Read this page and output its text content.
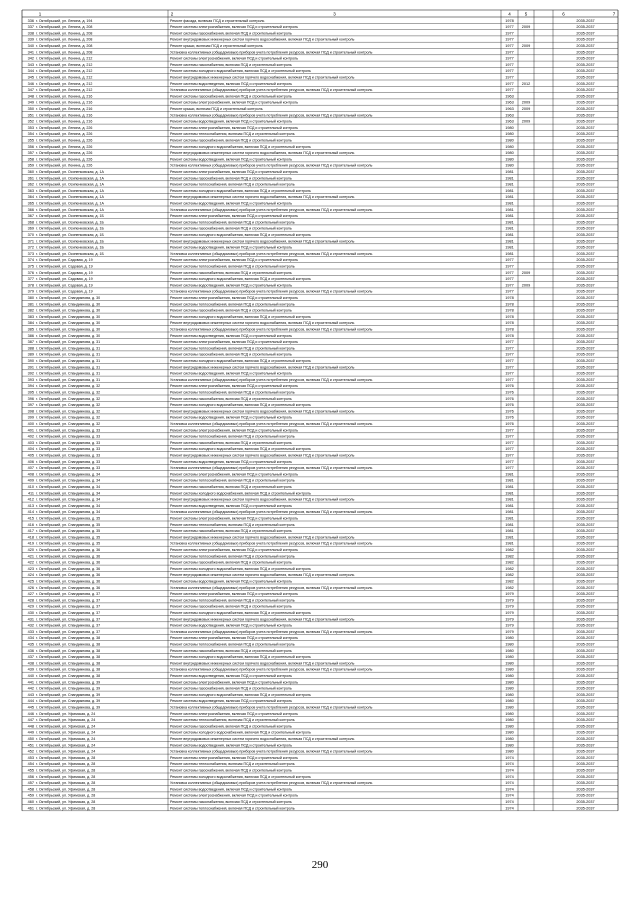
1	2	3	4	5	6	7
336 г. Октябрьский, ул. Ленина, д. 194	Ремонт фасада, включая ПСД и строительный контроль	1978	2035-2037
337 г. Октябрьский, ул. Ленина, д. 208	Ремонт системы электроснабжения, включая ПСД и строительный контроль	1977 2009	2035-2037
338 г. Октябрьский, ул. Ленина, д. 208	Ремонт системы газоснабжения, включая ПСД и строительный контроль	1977	2035-2037
339 г. Октябрьский, ул. Ленина, д. 208	Ремонт внутридомовых инженерных систем горячего водоснабжения, включая ПСД и строительный контроль	1977	2035-2037
340 г. Октябрьский, ул. Ленина, д. 208	Ремонт крыши, включая ПСД и строительный контроль	1977 2009	2035-2037
341 г. Октябрьский, ул. Ленина, д. 208	Установка коллективных (общедомовых) приборов учета потребления ресурсов, включая ПСД и строительный контроль	1977	2035-2037
342 г. Октябрьский, ул. Ленина, д. 212	Ремонт системы электроснабжения, включая ПСД и строительный контроль	1977	2035-2037
343 г. Октябрьский, ул. Ленина, д. 212	Ремонт системы газоснабжения, включая ПСД и строительный контроль	1977	2035-2037
344 г. Октябрьский, ул. Ленина, д. 212	Ремонт системы холодного водоснабжения, включая ПСД и строительный контроль	1977	2035-2037
345 г. Октябрьский, ул. Ленина, д. 212	Ремонт внутридомовых инженерных систем горячего водоснабжения, включая ПСД и строительный контроль	1977	2035-2037
346 г. Октябрьский, ул. Ленина, д. 212	Ремонт системы водоотведения, включая ПСД и строительный контроль	1977 2012	2035-2037
347 г. Октябрьский, ул. Ленина, д. 212	Установка коллективных (общедомовых) приборов учета потребления ресурсов, включая ПСД и строительный контроль	1977	2035-2037
348 г. Октябрьский, ул. Ленина, д. 216	Ремонт системы газоснабжения, включая ПСД и строительный контроль	1963	2035-2037
349 г. Октябрьский, ул. Ленина, д. 216	Ремонт системы электроснабжения, включая ПСД и строительный контроль	1963 2009	2035-2037
350 г. Октябрьский, ул. Ленина, д. 216	Ремонт крыши, включая ПСД и строительный контроль	1963 2009	2035-2037
351 г. Октябрьский, ул. Ленина, д. 216	Установка коллективных (общедомовых) приборов учета потребления ресурсов, включая ПСД и строительный контроль	1963	2035-2037
352 г. Октябрьский, ул. Ленина, д. 216	Ремонт системы водоотведения, включая ПСД и строительный контроль	1963 2009	2035-2037
353 г. Октябрьский, ул. Ленина, д. 226	Ремонт системы электроснабжения, включая ПСД и строительный контроль	1980	2035-2037
354 г. Октябрьский, ул. Ленина, д. 226	Ремонт системы теплоснабжения, включая ПСД и строительный контроль	1980	2035-2037
355 г. Октябрьский, ул. Ленина, д. 226	Ремонт системы газоснабжения, включая ПСД и строительный контроль	1980	2035-2037
356 г. Октябрьский, ул. Ленина, д. 226	Ремонт системы холодного водоснабжения, включая ПСД и строительный контроль	1980	2035-2037
357 г. Октябрьский, ул. Ленина, д. 226	Ремонт внутридомовых инженерных систем горячего водоснабжения, включая ПСД и строительный контроль	1980	2035-2037
358 г. Октябрьский, ул. Ленина, д. 226	Ремонт системы водоотведения, включая ПСД и строительный контроль	1980	2035-2037
359 г. Октябрьский, ул. Ленина, д. 226	Установка коллективных (общедомовых) приборов учета потребления ресурсов, включая ПСД и строительный контроль	1980	2035-2037
360 г. Октябрьский, ул. Осипенковская, д. 1А	Ремонт системы электроснабжения, включая ПСД и строительный контроль	1981	2035-2037
361 г. Октябрьский, ул. Осипенковская, д. 1А	Ремонт системы газоснабжения, включая ПСД и строительный контроль	1981	2035-2037
362 г. Октябрьский, ул. Осипенковская, д. 1А	Ремонт системы теплоснабжения, включая ПСД и строительный контроль	1981	2035-2037
363 г. Октябрьский, ул. Осипенковская, д. 1А	Ремонт системы холодного водоснабжения, включая ПСД и строительный контроль	1981	2035-2037
364 г. Октябрьский, ул. Осипенковская, д. 1А	Ремонт внутридомовых инженерных систем горячего водоснабжения, включая ПСД и строительный контроль	1981	2035-2037
365 г. Октябрьский, ул. Осипенковская, д. 1А	Ремонт системы водоотведения, включая ПСД и строительный контроль	1981	2035-2037
366 г. Октябрьский, ул. Осипенковская, д. 1А	Установка коллективных (общедомовых) приборов учета потребления ресурсов, включая ПСД и строительный контроль	1981	2035-2037
367 г. Октябрьский, ул. Осипенковская, д. 1Б	Ремонт системы электроснабжения, включая ПСД и строительный контроль	1981	2035-2037
368 г. Октябрьский, ул. Осипенковская, д. 1Б	Ремонт системы теплоснабжения, включая ПСД и строительный контроль	1981	2035-2037
369 г. Октябрьский, ул. Осипенковская, д. 1Б	Ремонт системы газоснабжения, включая ПСД и строительный контроль	1981	2035-2037
370 г. Октябрьский, ул. Осипенковская, д. 1Б	Ремонт системы холодного водоснабжения, включая ПСД и строительный контроль	1981	2035-2037
371 г. Октябрьский, ул. Осипенковская, д. 1Б	Ремонт внутридомовых инженерных систем горячего водоснабжения, включая ПСД и строительный контроль	1981	2035-2037
372 г. Октябрьский, ул. Осипенковская, д. 1Б	Ремонт системы водоотведения, включая ПСД и строительный контроль	1981	2035-2037
373 г. Октябрьский, ул. Осипенковская, д. 1Б	Установка коллективных (общедомовых) приборов учета потребления ресурсов, включая ПСД и строительный контроль	1981	2035-2037
374 г. Октябрьский, ул. Садовая, д. 19	Ремонт системы электроснабжения, включая ПСД и строительный контроль	1977	2035-2037
375 г. Октябрьский, ул. Садовая, д. 19	Ремонт системы теплоснабжения, включая ПСД и строительный контроль	1977	2035-2037
376 г. Октябрьский, ул. Садовая, д. 19	Ремонт системы газоснабжения, включая ПСД и строительный контроль	1977 2009	2035-2037
377 г. Октябрьский, ул. Садовая, д. 19	Ремонт системы холодного водоснабжения, включая ПСД и строительный контроль	1977	2035-2037
378 г. Октябрьский, ул. Садовая, д. 19	Ремонт системы водоотведения, включая ПСД и строительный контроль	1977 2009	2035-2037
379 г. Октябрьский, ул. Садовая, д. 19	Установка коллективных (общедомовых) приборов учета потребления ресурсов, включая ПСД и строительный контроль	1977	2035-2037
380 г. Октябрьский, ул. Спандикнова, д. 30	Ремонт системы электроснабжения, включая ПСД и строительный контроль	1978	2035-2037
381 г. Октябрьский, ул. Спандикнова, д. 30	Ремонт системы теплоснабжения, включая ПСД и строительный контроль	1978	2035-2037
382 г. Октябрьский, ул. Спандикнова, д. 30	Ремонт системы газоснабжения, включая ПСД и строительный контроль	1978	2035-2037
383 г. Октябрьский, ул. Спандикнова, д. 30	Ремонт системы холодного водоснабжения, включая ПСД и строительный контроль	1978	2035-2037
384 г. Октябрьский, ул. Спандикнова, д. 30	Ремонт внутридомовых инженерных систем горячего водоснабжения, включая ПСД и строительный контроль	1978	2035-2037
385 г. Октябрьский, ул. Спандикнова, д. 30	Установка коллективных (общедомовых) приборов учета потребления ресурсов, включая ПСД и строительный контроль	1978	2035-2037
386 г. Октябрьский, ул. Спандикнова, д. 30	Ремонт системы водоотведения, включая ПСД и строительный контроль	1978	2035-2037
387 г. Октябрьский, ул. Спандикнова, д. 31	Ремонт системы электроснабжения, включая ПСД и строительный контроль	1977	2035-2037
388 г. Октябрьский, ул. Спандикнова, д. 31	Ремонт системы теплоснабжения, включая ПСД и строительный контроль	1977	2035-2037
389 г. Октябрьский, ул. Спандикнова, д. 31	Ремонт системы газоснабжения, включая ПСД и строительный контроль	1977	2035-2037
390 г. Октябрьский, ул. Спандикнова, д. 31	Ремонт системы холодного водоснабжения, включая ПСД и строительный контроль	1977	2035-2037
391 г. Октябрьский, ул. Спандикнова, д. 31	Ремонт внутридомовых инженерных систем горячего водоснабжения, включая ПСД и строительный контроль	1977	2035-2037
392 г. Октябрьский, ул. Спандикнова, д. 31	Ремонт системы водоотведения, включая ПСД и строительный контроль	1977	2035-2037
393 г. Октябрьский, ул. Спандикнова, д. 31	Установка коллективных (общедомовых) приборов учета потребления ресурсов, включая ПСД и строительный контроль	1977	2035-2037
394 г. Октябрьский, ул. Спандикнова, д. 32	Ремонт системы электроснабжения, включая ПСД и строительный контроль	1976	2035-2037
395 г. Октябрьский, ул. Спандикнова, д. 32	Ремонт системы теплоснабжения, включая ПСД и строительный контроль	1976	2035-2037
396 г. Октябрьский, ул. Спандикнова, д. 32	Ремонт системы газоснабжения, включая ПСД и строительный контроль	1976	2035-2037
397 г. Октябрьский, ул. Спандикнова, д. 32	Ремонт системы холодного водоснабжения, включая ПСД и строительный контроль	1976	2035-2037
398 г. Октябрьский, ул. Спандикнова, д. 32	Ремонт внутридомовых инженерных систем горячего водоснабжения, включая ПСД и строительный контроль	1976	2035-2037
399 г. Октябрьский, ул. Спандикнова, д. 32	Ремонт системы водоотведения, включая ПСД и строительный контроль	1976	2035-2037
400 г. Октябрьский, ул. Спандикнова, д. 32	Установка коллективных (общедомовых) приборов учета потребления ресурсов, включая ПСД и строительный контроль	1976	2035-2037
401 г. Октябрьский, ул. Спандикнова, д. 33	Ремонт системы электроснабжения, включая ПСД и строительный контроль	1977	2035-2037
402 г. Октябрьский, ул. Спандикнова, д. 33	Ремонт системы теплоснабжения, включая ПСД и строительный контроль	1977	2035-2037
403 г. Октябрьский, ул. Спандикнова, д. 33	Ремонт системы газоснабжения, включая ПСД и строительный контроль	1977	2035-2037
404 г. Октябрьский, ул. Спандикнова, д. 33	Ремонт системы холодного водоснабжения, включая ПСД и строительный контроль	1977	2035-2037
405 г. Октябрьский, ул. Спандикнова, д. 33	Ремонт внутридомовых инженерных систем горячего водоснабжения, включая ПСД и строительный контроль	1977	2035-2037
406 г. Октябрьский, ул. Спандикнова, д. 33	Ремонт системы водоотведения, включая ПСД и строительный контроль	1977	2035-2037
407 г. Октябрьский, ул. Спандикнова, д. 33	Установка коллективных (общедомовых) приборов учета потребления ресурсов, включая ПСД и строительный контроль	1977	2035-2037
408 г. Октябрьский, ул. Спандикнова, д. 34	Ремонт системы электроснабжения, включая ПСД и строительный контроль	1981	2035-2037
409 г. Октябрьский, ул. Спандикнова, д. 34	Ремонт системы теплоснабжения, включая ПСД и строительный контроль	1981	2035-2037
410 г. Октябрьский, ул. Спандикнова, д. 34	Ремонт системы газоснабжения, включая ПСД и строительный контроль	1981	2035-2037
411 г. Октябрьский, ул. Спандикнова, д. 34	Ремонт системы холодного водоснабжения, включая ПСД и строительный контроль	1981	2035-2037
412 г. Октябрьский, ул. Спандикнова, д. 34	Ремонт внутридомовых инженерных систем горячего водоснабжения, включая ПСД и строительный контроль	1981	2035-2037
413 г. Октябрьский, ул. Спандикнова, д. 34	Ремонт системы водоотведения, включая ПСД и строительный контроль	1981	2035-2037
414 г. Октябрьский, ул. Спандикнова, д. 34	Установка коллективных (общедомовых) приборов учета потребления ресурсов, включая ПСД и строительный контроль	1981	2035-2037
415 г. Октябрьский, ул. Спандикнова, д. 35	Ремонт системы электроснабжения, включая ПСД и строительный контроль	1981	2035-2037
416 г. Октябрьский, ул. Спандикнова, д. 35	Ремонт системы теплоснабжения, включая ПСД и строительный контроль	1981	2035-2037
417 г. Октябрьский, ул. Спандикнова, д. 35	Ремонт системы газоснабжения, включая ПСД и строительный контроль	1981	2035-2037
418 г. Октябрьский, ул. Спандикнова, д. 35	Ремонт внутридомовых инженерных систем горячего водоснабжения, включая ПСД и строительный контроль	1981	2035-2037
419 г. Октябрьский, ул. Спандикнова, д. 35	Установка коллективных (общедомовых) приборов учета потребления ресурсов, включая ПСД и строительный контроль	1981	2035-2037
420 г. Октябрьский, ул. Спандикнова, д. 36	Ремонт системы электроснабжения, включая ПСД и строительный контроль	1982	2035-2037
421 г. Октябрьский, ул. Спандикнова, д. 36	Ремонт системы теплоснабжения, включая ПСД и строительный контроль	1982	2035-2037
422 г. Октябрьский, ул. Спандикнова, д. 36	Ремонт системы газоснабжения, включая ПСД и строительный контроль	1982	2035-2037
423 г. Октябрьский, ул. Спандикнова, д. 36	Ремонт системы холодного водоснабжения, включая ПСД и строительный контроль	1982	2035-2037
424 г. Октябрьский, ул. Спандикнова, д. 36	Ремонт внутридомовых инженерных систем горячего водоснабжения, включая ПСД и строительный контроль	1982	2035-2037
425 г. Октябрьский, ул. Спандикнова, д. 36	Ремонт системы водоотведения, включая ПСД и строительный контроль	1982	2035-2037
426 г. Октябрьский, ул. Спандикнова, д. 36	Установка коллективных (общедомовых) приборов учета потребления ресурсов, включая ПСД и строительный контроль	1982	2035-2037
427 г. Октябрьский, ул. Спандикнова, д. 37	Ремонт системы электроснабжения, включая ПСД и строительный контроль	1979	2035-2037
428 г. Октябрьский, ул. Спандикнова, д. 37	Ремонт системы теплоснабжения, включая ПСД и строительный контроль	1979	2035-2037
429 г. Октябрьский, ул. Спандикнова, д. 37	Ремонт системы газоснабжения, включая ПСД и строительный контроль	1979	2035-2037
430 г. Октябрьский, ул. Спандикнова, д. 37	Ремонт системы холодного водоснабжения, включая ПСД и строительный контроль	1979	2035-2037
431 г. Октябрьский, ул. Спандикнова, д. 37	Ремонт внутридомовых инженерных систем горячего водоснабжения, включая ПСД и строительный контроль	1979	2035-2037
432 г. Октябрьский, ул. Спандикнова, д. 37	Ремонт системы водоотведения, включая ПСД и строительный контроль	1979	2035-2037
433 г. Октябрьский, ул. Спандикнова, д. 37	Установка коллективных (общедомовых) приборов учета потребления ресурсов, включая ПСД и строительный контроль	1979	2035-2037
434 г. Октябрьский, ул. Спандикнова, д. 38	Ремонт системы электроснабжения, включая ПСД и строительный контроль	1980	2035-2037
435 г. Октябрьский, ул. Спандикнова, д. 38	Ремонт системы теплоснабжения, включая ПСД и строительный контроль	1980	2035-2037
436 г. Октябрьский, ул. Спандикнова, д. 38	Ремонт системы газоснабжения, включая ПСД и строительный контроль	1980	2035-2037
437 г. Октябрьский, ул. Спандикнова, д. 38	Ремонт системы холодного водоснабжения, включая ПСД и строительный контроль	1980	2035-2037
438 г. Октябрьский, ул. Спандикнова, д. 38	Ремонт внутридомовых инженерных систем горячего водоснабжения, включая ПСД и строительный контроль	1980	2035-2037
439 г. Октябрьский, ул. Спандикнова, д. 38	Установка коллективных (общедомовых) приборов учета потребления ресурсов, включая ПСД и строительный контроль	1980	2035-2037
440 г. Октябрьский, ул. Спандикнова, д. 38	Ремонт системы водоотведения, включая ПСД и строительный контроль	1980	2035-2037
441 г. Октябрьский, ул. Спандикнова, д. 39	Ремонт системы электроснабжения, включая ПСД и строительный контроль	1980	2035-2037
442 г. Октябрьский, ул. Спандикнова, д. 39	Ремонт системы газоснабжения, включая ПСД и строительный контроль	1980	2035-2037
443 г. Октябрьский, ул. Спандикнова, д. 39	Ремонт системы холодного водоснабжения, включая ПСД и строительный контроль	1980	2035-2037
444 г. Октябрьский, ул. Спандикнова, д. 39	Ремонт системы водоотведения, включая ПСД и строительный контроль	1980	2035-2037
445 г. Октябрьский, ул. Спандикнова, д. 39	Установка коллективных (общедомовых) приборов учета потребления ресурсов, включая ПСД и строительный контроль	1980	2035-2037
446 г. Октябрьский, ул. Уфимская, д. 24	Ремонт системы электроснабжения, включая ПСД и строительный контроль	1980	2035-2037
447 г. Октябрьский, ул. Уфимская, д. 24	Ремонт системы теплоснабжения, включая ПСД и строительный контроль	1980	2035-2037
448 г. Октябрьский, ул. Уфимская, д. 24	Ремонт системы газоснабжения, включая ПСД и строительный контроль	1980	2035-2037
449 г. Октябрьский, ул. Уфимская, д. 24	Ремонт системы холодного водоснабжения, включая ПСД и строительный контроль	1980	2035-2037
450 г. Октябрьский, ул. Уфимская, д. 24	Ремонт внутридомовых инженерных систем горячего водоснабжения, включая ПСД и строительный контроль	1980	2035-2037
451 г. Октябрьский, ул. Уфимская, д. 24	Ремонт системы водоотведения, включая ПСД и строительный контроль	1980	2035-2037
452 г. Октябрьский, ул. Уфимская, д. 24	Установка коллективных (общедомовых) приборов учета потребления ресурсов, включая ПСД и строительный контроль	1980	2035-2037
453 г. Октябрьский, ул. Уфимская, д. 28	Ремонт системы электроснабжения, включая ПСД и строительный контроль	1974	2035-2037
454 г. Октябрьский, ул. Уфимская, д. 28	Ремонт системы теплоснабжения, включая ПСД и строительный контроль	1974	2035-2037
455 г. Октябрьский, ул. Уфимская, д. 28	Ремонт системы газоснабжения, включая ПСД и строительный контроль	1974	2035-2037
456 г. Октябрьский, ул. Уфимская, д. 28	Ремонт системы холодного водоснабжения, включая ПСД и строительный контроль	1974	2035-2037
457 г. Октябрьский, ул. Уфимская, д. 28	Установка коллективных (общедомовых) приборов учета потребления ресурсов, включая ПСД и строительный контроль	1974	2035-2037
458 г. Октябрьский, ул. Уфимская, д. 28	Ремонт системы водоотведения, включая ПСД и строительный контроль	1974	2035-2037
459 г. Октябрьский, ул. Уфимская, д. 28	Ремонт системы электроснабжения, включая ПСД и строительный контроль	1974	2035-2037
460 г. Октябрьский, ул. Уфимская, д. 28	Ремонт системы газоснабжения, включая ПСД и строительный контроль	1974	2035-2037
461 г. Октябрьский, ул. Уфимская, д. 28	Ремонт системы теплоснабжения, включая ПСД и строительный контроль	1974	2035-2037
290
